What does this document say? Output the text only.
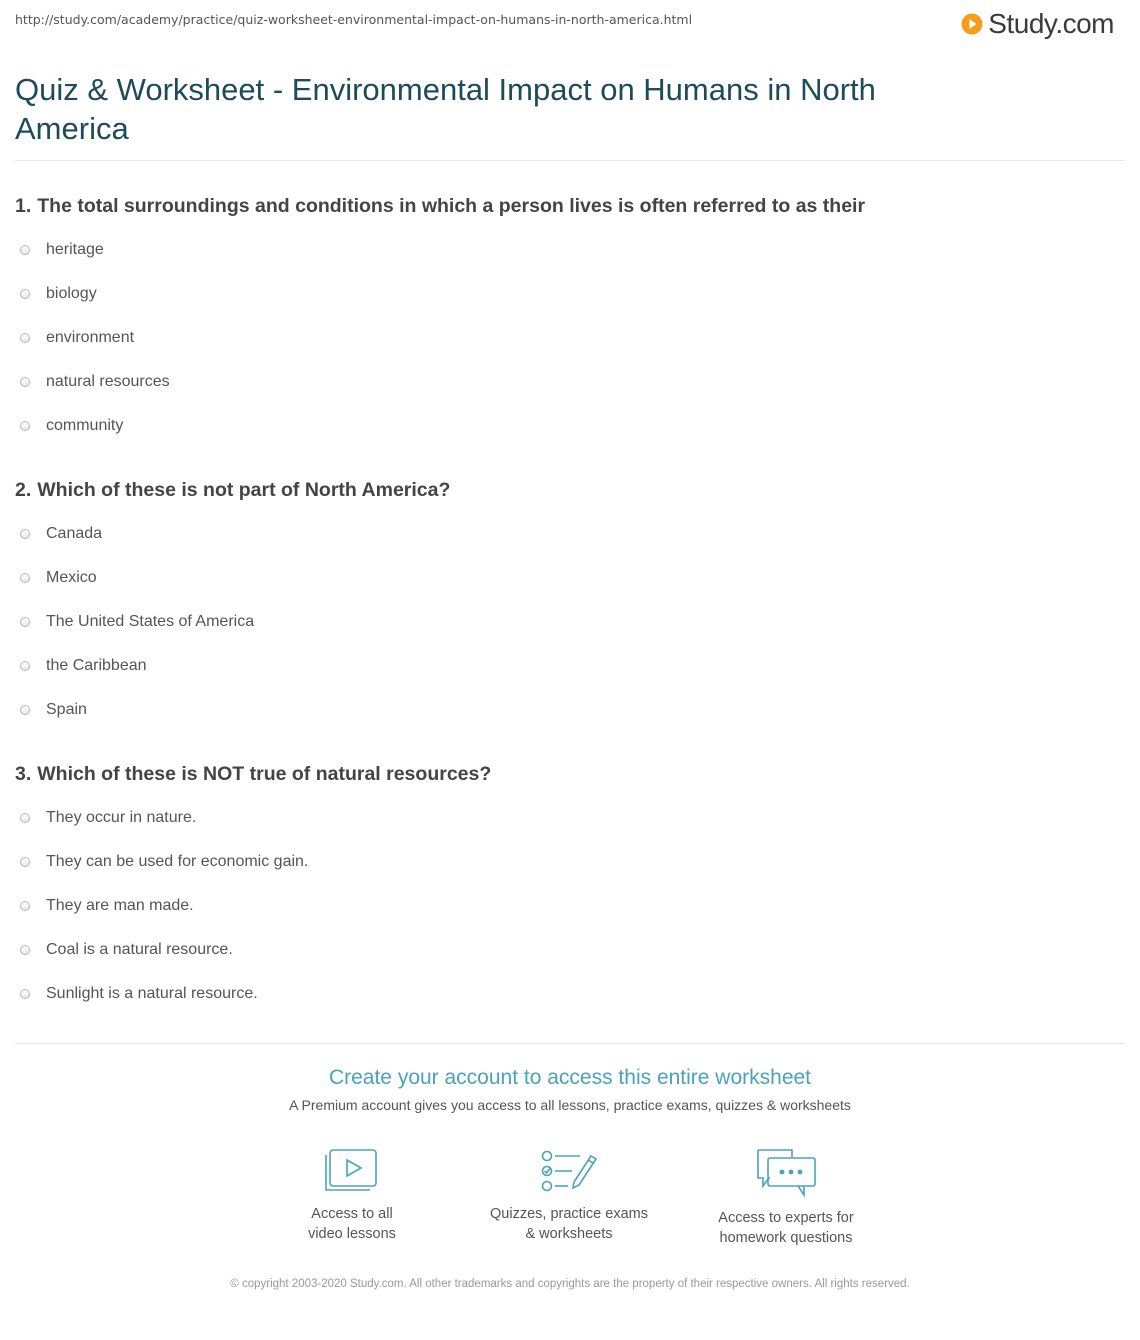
http://study.com/academy/practice/quiz-worksheet-environmental-impact-on-humans-in-north-america.html	Study.com
Quiz & Worksheet - Environmental Impact on Humans in North America
1. The total surroundings and conditions in which a person lives is often referred to as their
heritage
biology
environment
natural resources
community
2. Which of these is not part of North America?
Canada
Mexico
The United States of America
the Caribbean
Spain
3. Which of these is NOT true of natural resources?
They occur in nature.
They can be used for economic gain.
They are man made.
Coal is a natural resource.
Sunlight is a natural resource.
Create your account to access this entire worksheet
A Premium account gives you access to all lessons, practice exams, quizzes & worksheets
Access to all
video lessons
Quizzes, practice exams
& worksheets
Access to experts for
homework questions
© copyright 2003-2020 Study.com. All other trademarks and copyrights are the property of their respective owners. All rights reserved.
